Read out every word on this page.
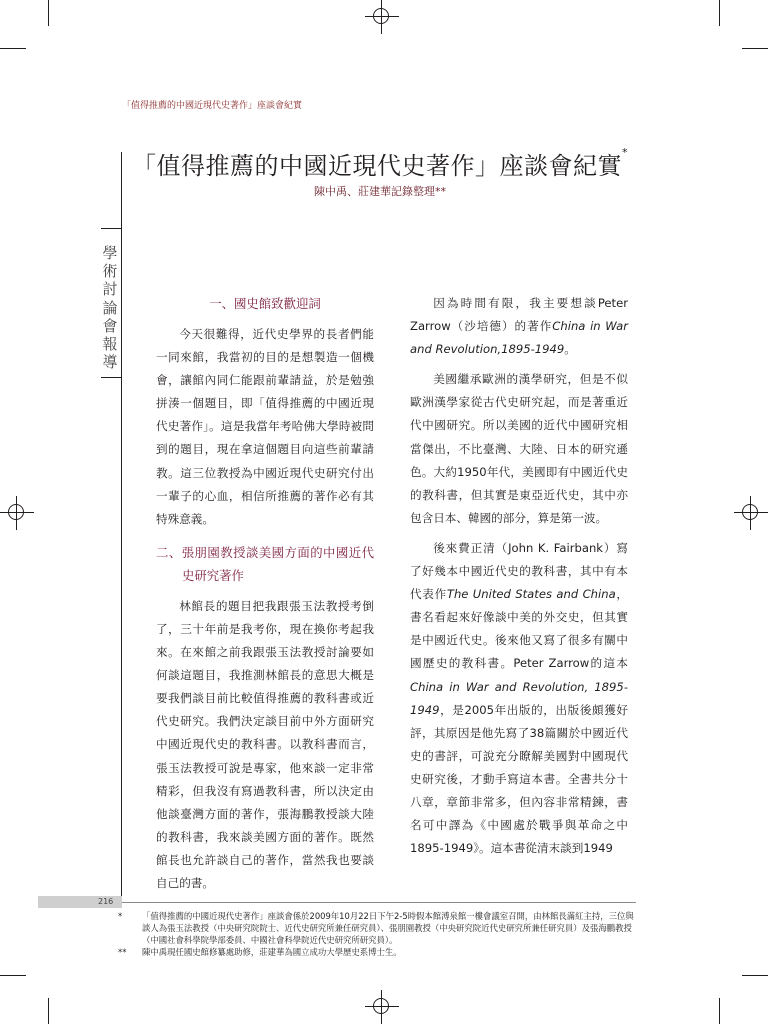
「值得推薦的中國近現代史著作」座談會紀實
「值得推薦的中國近現代史著作」座談會紀實*
陳中禹、莊建華記錄整理**
學術討論會報導
一、國史館致歡迎詞

今天很難得，近代史學界的長者們能一同來館，我當初的目的是想製造一個機會，讓館內同仁能跟前輩請益，於是勉強拼湊一個題目，即「值得推薦的中國近現代史著作」。這是我當年考哈佛大學時被問到的題目，現在拿這個題目向這些前輩請教。這三位教授為中國近現代史研究付出一輩子的心血，相信所推薦的著作必有其特殊意義。

二、張朋園教授談美國方面的中國近代史研究著作

林館長的題目把我跟張玉法教授考倒了，三十年前是我考你，現在換你考起我來。在來館之前我跟張玉法教授討論要如何談這題目，我推測林館長的意思大概是要我們談目前比較值得推薦的教科書或近代史研究。我們決定談目前中外方面研究中國近現代史的教科書。以教科書而言，張玉法教授可說是專家，他來談一定非常精彩，但我沒有寫過教科書，所以決定由他談臺灣方面的著作，張海鵬教授談大陸的教科書，我來談美國方面的著作。既然館長也允許談自己的著作，當然我也要談自己的書。

因為時間有限，我主要想談Peter Zarrow（沙培德）的著作China in War and Revolution,1895-1949。

美國繼承歐洲的漢學研究，但是不似歐洲漢學家從古代史研究起，而是著重近代中國研究。所以美國的近代中國研究相當傑出，不比臺灣、大陸、日本的研究遜色。大約1950年代，美國即有中國近代史的教科書，但其實是東亞近代史，其中亦包含日本、韓國的部分，算是第一波。

後來費正清（John K. Fairbank）寫了好幾本中國近代史的教科書，其中有本代表作The United States and China，書名看起來好像談中美的外交史，但其實是中國近代史。後來他又寫了很多有關中國歷史的教科書。Peter Zarrow的這本China in War and Revolution, 1895-1949，是2005年出版的，出版後頗獲好評，其原因是他先寫了38篇關於中國近代史的書評，可說充分瞭解美國對中國現代史研究後，才動手寫這本書。全書共分十八章，章節非常多，但內容非常精鍊，書名可中譯為《中國處於戰爭與革命之中1895-1949》。這本書從清末談到1949

216
*	「值得推薦的中國近現代史著作」座談會係於2009年10月22日下午2-5時假本館溥泉館一樓會議室召開，由林館長滿紅主持，三位與談人為張玉法教授（中央研究院院士、近代史研究所兼任研究員）、張朋園教授（中央研究院近代史研究所兼任研究員）及張海鵬教授（中國社會科學院學部委員、中國社會科學院近代史研究所研究員）。
**	陳中禹現任國史館修纂處助修，莊建華為國立成功大學歷史系博士生。
